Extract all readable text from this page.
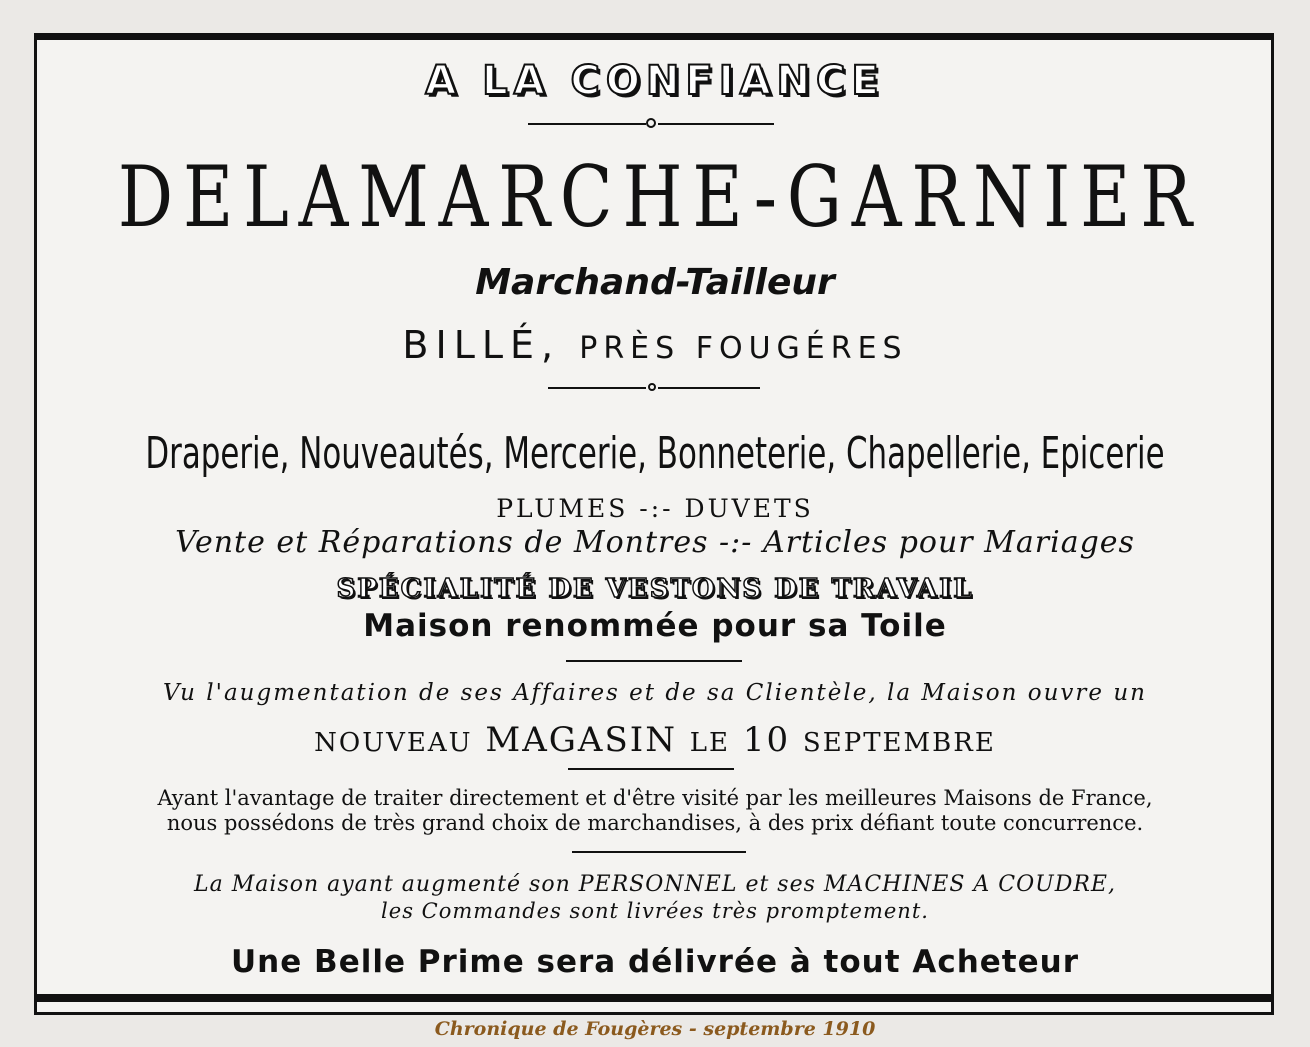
A LA CONFIANCE
DELAMARCHE-GARNIER
Marchand-Tailleur
BILLÉ, PRÈS FOUGÉRES
Draperie, Nouveautés, Mercerie, Bonneterie, Chapellerie, Epicerie
PLUMES -:- DUVETS
Vente et Réparations de Montres -:- Articles pour Mariages
SPÉCIALITÉ DE VESTONS DE TRAVAIL
Maison renommée pour sa Toile
Vu l'augmentation de ses Affaires et de sa Clientèle, la Maison ouvre un
NOUVEAU MAGASIN LE 10 SEPTEMBRE
Ayant l'avantage de traiter directement et d'être visité par les meilleures Maisons de France,
nous possédons de très grand choix de marchandises, à des prix défiant toute concurrence.
La Maison ayant augmenté son PERSONNEL et ses MACHINES A COUDRE,
les Commandes sont livrées très promptement.
Une Belle Prime sera délivrée à tout Acheteur
Chronique de Fougères - septembre 1910
